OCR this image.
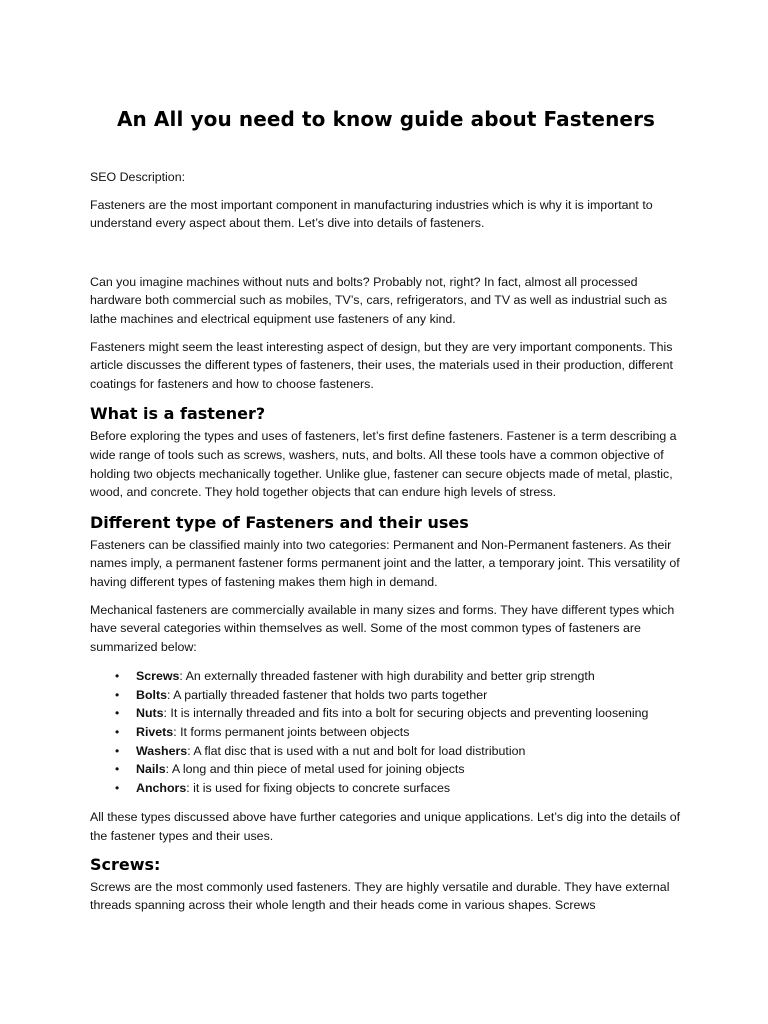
An All you need to know guide about Fasteners

SEO Description:

Fasteners are the most important component in manufacturing industries which is why it is important to understand every aspect about them. Let’s dive into details of fasteners.

Can you imagine machines without nuts and bolts? Probably not, right? In fact, almost all processed hardware both commercial such as mobiles, TV’s, cars, refrigerators, and TV as well as industrial such as lathe machines and electrical equipment use fasteners of any kind.

Fasteners might seem the least interesting aspect of design, but they are very important components. This article discusses the different types of fasteners, their uses, the materials used in their production, different coatings for fasteners and how to choose fasteners.

What is a fastener?

Before exploring the types and uses of fasteners, let’s first define fasteners. Fastener is a term describing a wide range of tools such as screws, washers, nuts, and bolts. All these tools have a common objective of holding two objects mechanically together. Unlike glue, fastener can secure objects made of metal, plastic, wood, and concrete. They hold together objects that can endure high levels of stress.

Different type of Fasteners and their uses

Fasteners can be classified mainly into two categories: Permanent and Non-Permanent fasteners. As their names imply, a permanent fastener forms permanent joint and the latter, a temporary joint. This versatility of having different types of fastening makes them high in demand.

Mechanical fasteners are commercially available in many sizes and forms. They have different types which have several categories within themselves as well. Some of the most common types of fasteners are summarized below:

• Screws: An externally threaded fastener with high durability and better grip strength
• Bolts: A partially threaded fastener that holds two parts together
• Nuts: It is internally threaded and fits into a bolt for securing objects and preventing loosening
• Rivets: It forms permanent joints between objects
• Washers: A flat disc that is used with a nut and bolt for load distribution
• Nails: A long and thin piece of metal used for joining objects
• Anchors: it is used for fixing objects to concrete surfaces

All these types discussed above have further categories and unique applications. Let’s dig into the details of the fastener types and their uses.

Screws:

Screws are the most commonly used fasteners. They are highly versatile and durable. They have external threads spanning across their whole length and their heads come in various shapes. Screws
